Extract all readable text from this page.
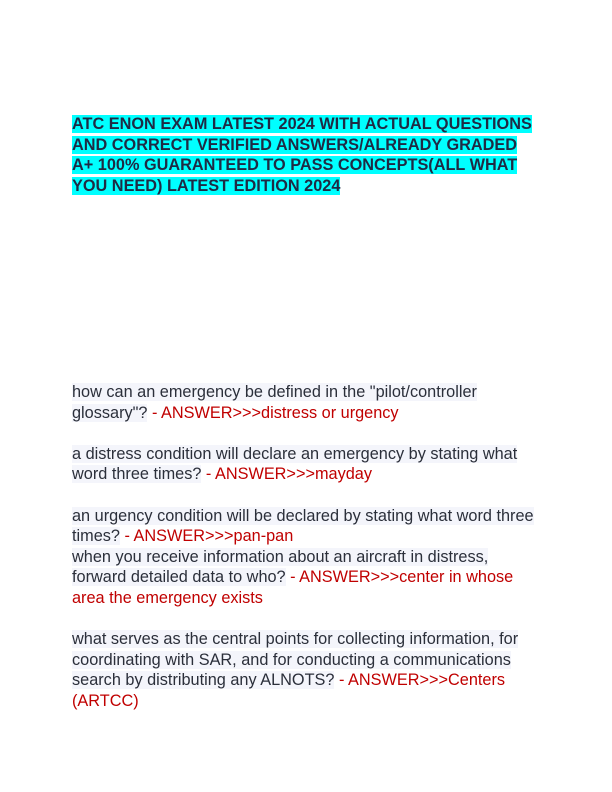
ATC ENON EXAM LATEST 2024 WITH ACTUAL QUESTIONS AND CORRECT VERIFIED ANSWERS/ALREADY GRADED A+ 100% GUARANTEED TO PASS CONCEPTS(ALL WHAT YOU NEED) LATEST EDITION 2024

how can an emergency be defined in the "pilot/controller glossary"? - ANSWER>>>distress or urgency

a distress condition will declare an emergency by stating what word three times? - ANSWER>>>mayday

an urgency condition will be declared by stating what word three times? - ANSWER>>>pan-pan

when you receive information about an aircraft in distress, forward detailed data to who? - ANSWER>>>center in whose area the emergency exists

what serves as the central points for collecting information, for coordinating with SAR, and for conducting a communications search by distributing any ALNOTS? - ANSWER>>>Centers (ARTCC)
